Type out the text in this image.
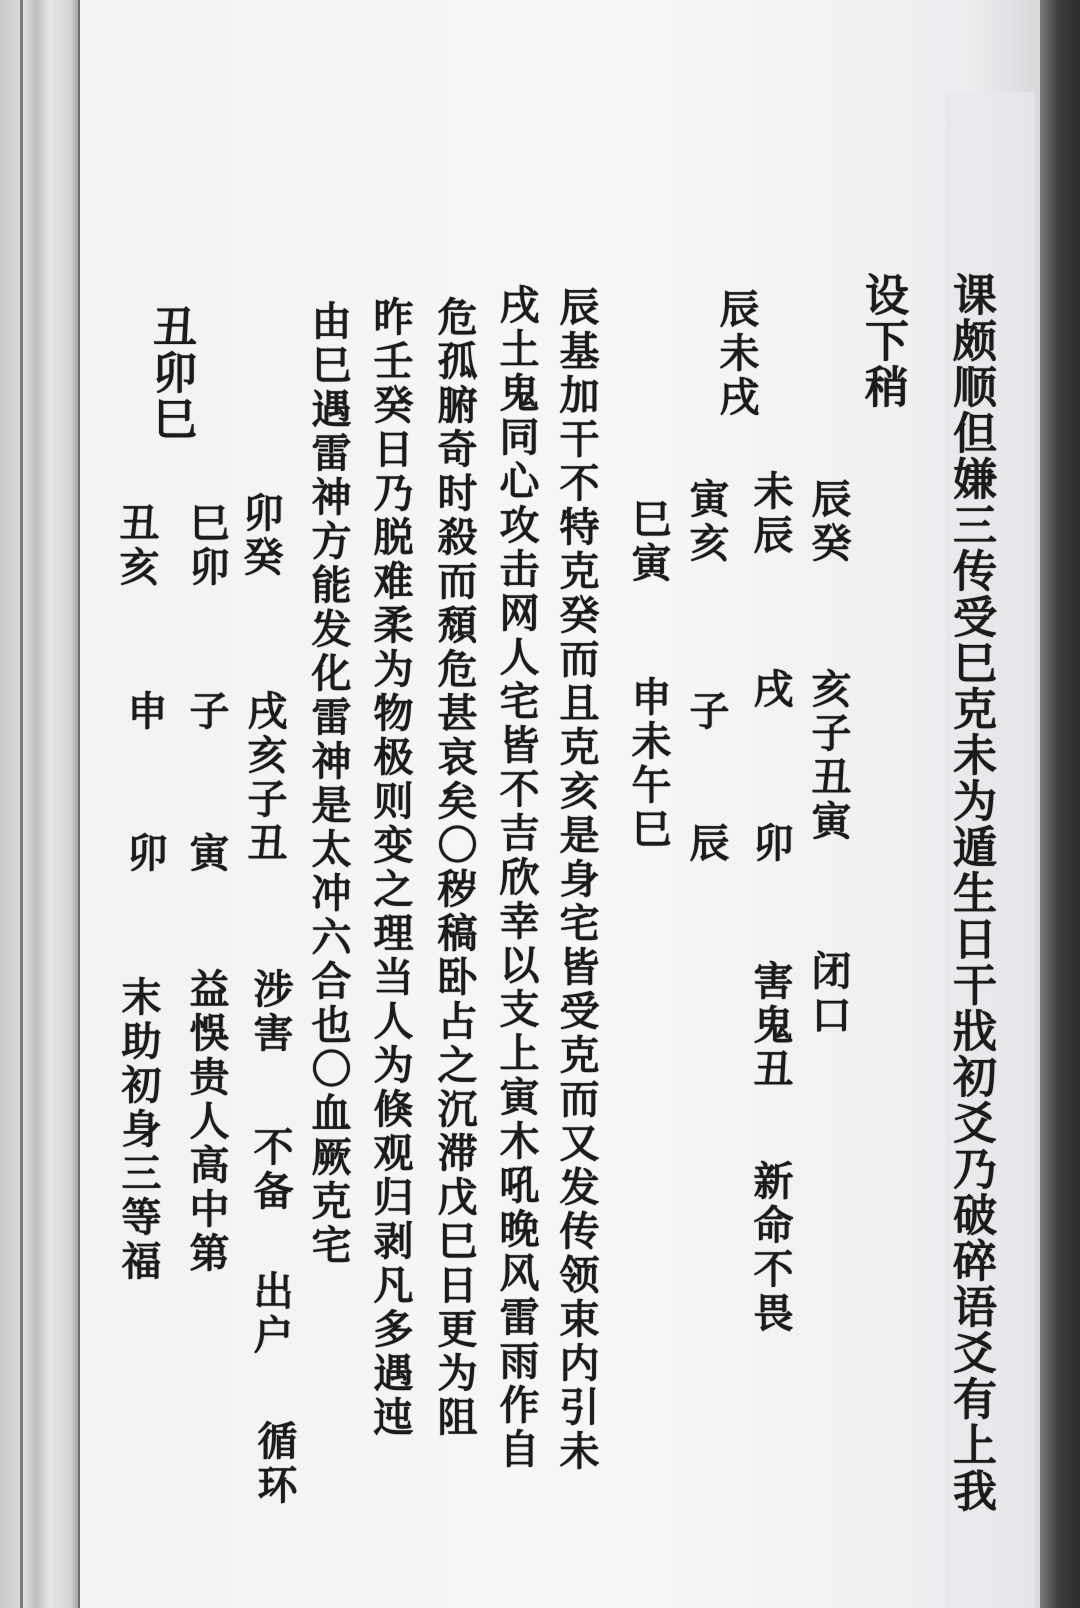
课颇顺但嫌三传受巳克未为遁生日干戕初爻乃破碎语爻有上我
设下稍
辰癸
亥子丑寅
闭口
辰未戌
未辰
戌
卯
害鬼丑
新命不畏
寅亥
子
辰
巳寅
申未午巳
辰基加干不特克癸而且克亥是身宅皆受克而又发传领束内引未
戌土鬼同心攻击网人宅皆不吉欣幸以支上寅木吼晚风雷雨作自
危孤腑奇时殺而頹危甚哀矣〇秽稿卧占之沉滞戊巳日更为阻
昨壬癸日乃脱难柔为物极则变之理当人为倏观归剥凡多遇迍
由巳遇雷神方能发化雷神是太冲六合也〇血厥克宅
卯癸
戌亥子丑
涉害
不备
出户
循环
巳卯
子
寅
益悞贵人高中第
丑卯巳
丑亥
申
卯
末助初身三等福
